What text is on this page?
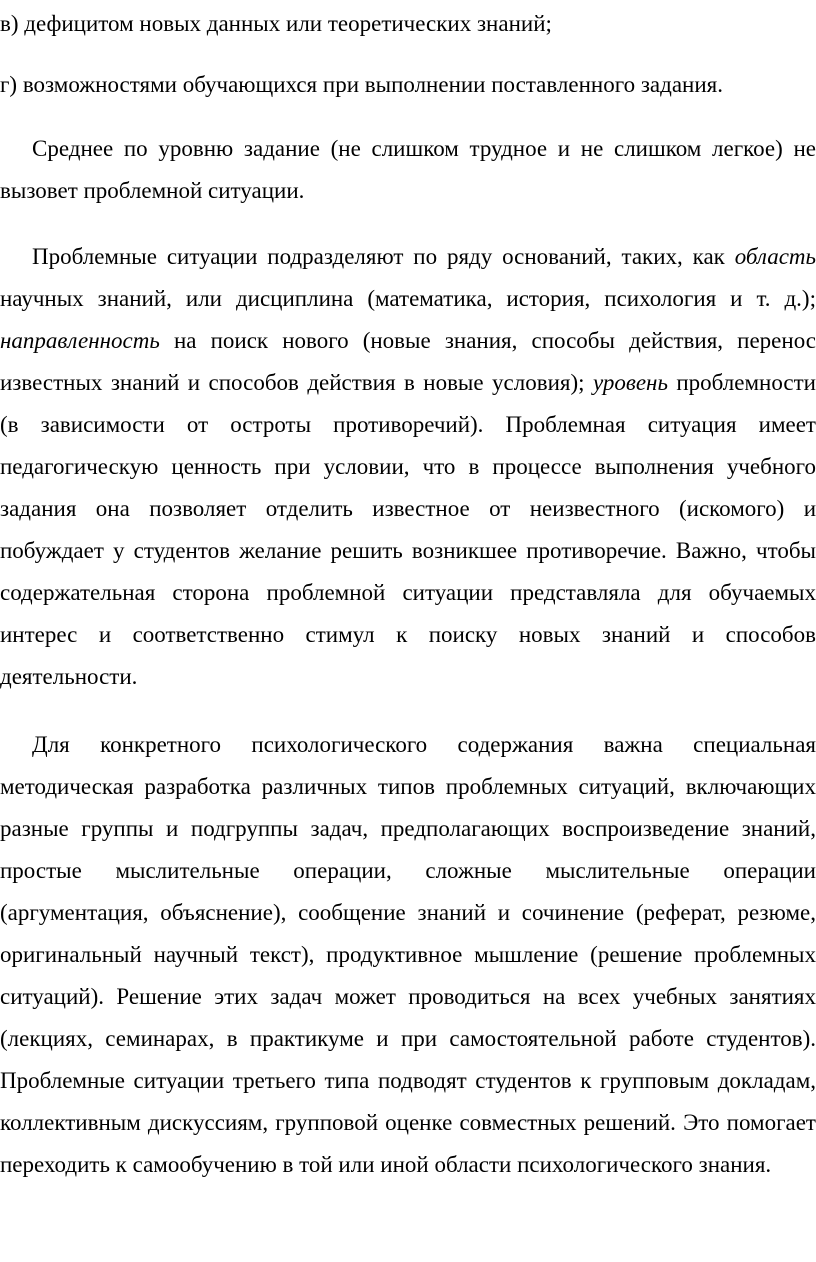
в) дефицитом новых данных или теоретических знаний;

г) возможностями обучающихся при выполнении поставленного задания.

Среднее по уровню задание (не слишком трудное и не слишком легкое) не вызовет проблемной ситуации.

Проблемные ситуации подразделяют по ряду оснований, таких, как область научных знаний, или дисциплина (математика, история, психология и т. д.); направленность на поиск нового (новые знания, способы действия, перенос известных знаний и способов действия в новые условия); уровень проблемности (в зависимости от остроты противоречий). Проблемная ситуация имеет педагогическую ценность при условии, что в процессе выполнения учебного задания она позволяет отделить известное от неизвестного (искомого) и побуждает у студентов желание решить возникшее противоречие. Важно, чтобы содержательная сторона проблемной ситуации представляла для обучаемых интерес и соответственно стимул к поиску новых знаний и способов деятельности.

Для конкретного психологического содержания важна специальная методическая разработка различных типов проблемных ситуаций, включающих разные группы и подгруппы задач, предполагающих воспроизведение знаний, простые мыслительные операции, сложные мыслительные операции (аргументация, объяснение), сообщение знаний и сочинение (реферат, резюме, оригинальный научный текст), продуктивное мышление (решение проблемных ситуаций). Решение этих задач может проводиться на всех учебных занятиях (лекциях, семинарах, в практикуме и при самостоятельной работе студентов). Проблемные ситуации третьего типа подводят студентов к групповым докладам, коллективным дискуссиям, групповой оценке совместных решений. Это помогает переходить к самообучению в той или иной области психологического знания.
